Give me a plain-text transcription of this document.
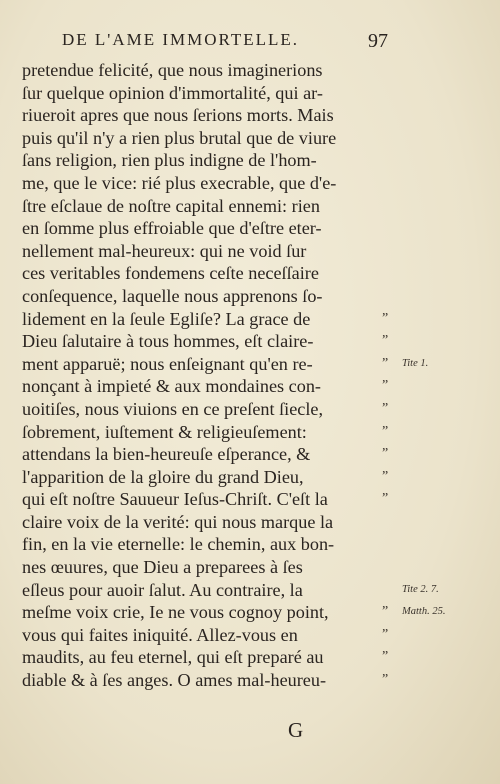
DE L'AME IMMORTELLE.	97
pretendue felicité, que nous imaginerions
ſur quelque opinion d'immortalité, qui ar-
riueroit apres que nous ſerions morts. Mais
puis qu'il n'y a rien plus brutal que de viure
ſans religion, rien plus indigne de l'hom-
me, que le vice: rié plus execrable, que d'e-
ſtre eſclaue de noſtre capital ennemi: rien
en ſomme plus effroiable que d'eſtre eter-
nellement mal-heureux: qui ne void ſur
ces veritables fondemens ceſte neceſſaire
conſequence, laquelle nous apprenons ſo-
lidement en la ſeule Egliſe? La grace de
Dieu ſalutaire à tous hommes, eſt claire-
ment apparuë; nous enſeignant qu'en re-
nonçant à impieté & aux mondaines con-
uoitiſes, nous viuions en ce preſent ſiecle,
ſobrement, iuſtement & religieuſement:
attendans la bien-heureuſe eſperance, &
l'apparition de la gloire du grand Dieu,
qui eſt noſtre Sauueur Ieſus-Chriſt. C'eſt la
claire voix de la verité: qui nous marque la
fin, en la vie eternelle: le chemin, aux bon-
nes œuures, que Dieu a preparees à ſes
eſleus pour auoir ſalut. Au contraire, la
meſme voix crie, Ie ne vous cognoy point,
vous qui faites iniquité. Allez-vous en
maudits, au feu eternel, qui eſt preparé au
diable & à ſes anges. O ames mal-heureu-
”
”
” Tite 1.
”
”
”
”
”
”
Tite 2. 7.
” Matth. 25.
”
”
”
G
